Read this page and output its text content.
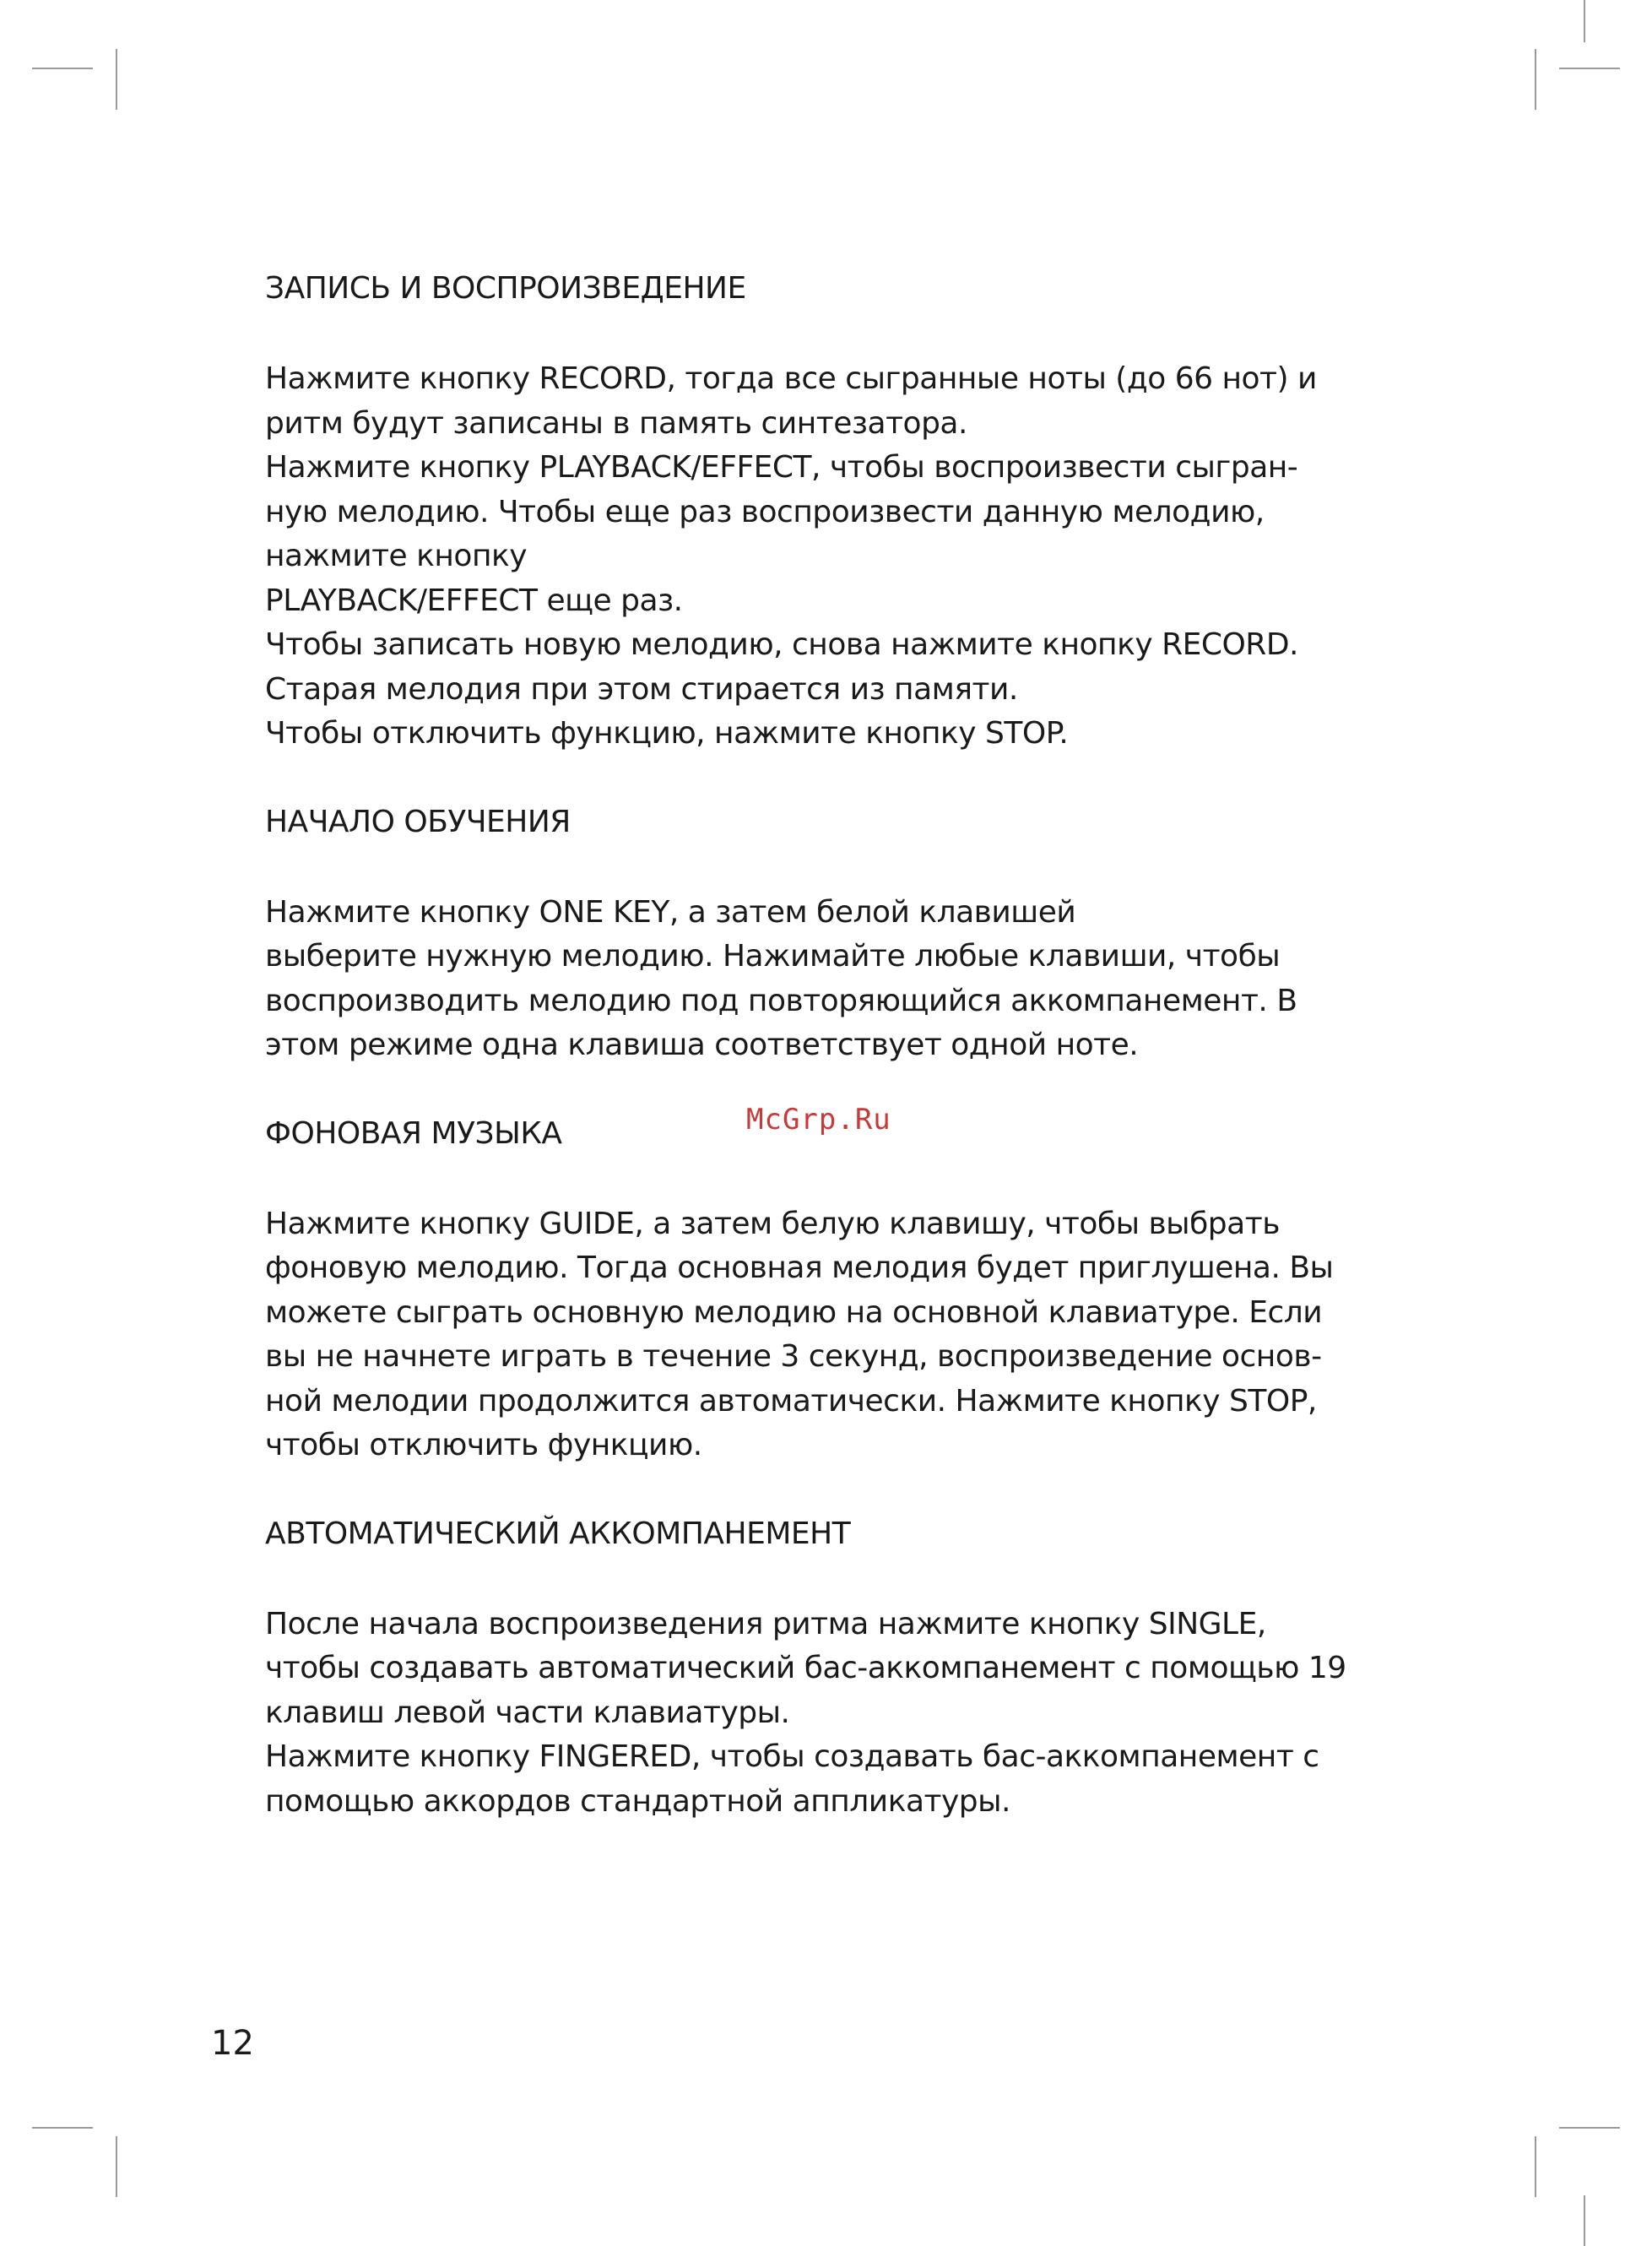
ЗАПИСЬ И ВОСПРОИЗВЕДЕНИЕ

Нажмите кнопку RECORD, тогда все сыгранные ноты (до 66 нот) и
ритм будут записаны в память синтезатора.
Нажмите кнопку PLAYBACK/EFFECT, чтобы воспроизвести сыгран-
ную мелодию. Чтобы еще раз воспроизвести данную мелодию,
нажмите кнопку
PLAYBACK/EFFECT еще раз.
Чтобы записать новую мелодию, снова нажмите кнопку RECORD.
Старая мелодия при этом стирается из памяти.
Чтобы отключить функцию, нажмите кнопку STOP.

НАЧАЛО ОБУЧЕНИЯ

Нажмите кнопку ONE KEY, а затем белой клавишей
выберите нужную мелодию. Нажимайте любые клавиши, чтобы
воспроизводить мелодию под повторяющийся аккомпанемент. В
этом режиме одна клавиша соответствует одной ноте.

ФОНОВАЯ МУЗЫКА

Нажмите кнопку GUIDE, а затем белую клавишу, чтобы выбрать
фоновую мелодию. Тогда основная мелодия будет приглушена. Вы
можете сыграть основную мелодию на основной клавиатуре. Если
вы не начнете играть в течение 3 секунд, воспроизведение основ-
ной мелодии продолжится автоматически. Нажмите кнопку STOP,
чтобы отключить функцию.

АВТОМАТИЧЕСКИЙ АККОМПАНЕМЕНТ

После начала воспроизведения ритма нажмите кнопку SINGLE,
чтобы создавать автоматический бас-аккомпанемент с помощью 19
клавиш левой части клавиатуры.
Нажмите кнопку FINGERED, чтобы создавать бас-аккомпанемент с
помощью аккордов стандартной аппликатуры.

McGrp.Ru
12
